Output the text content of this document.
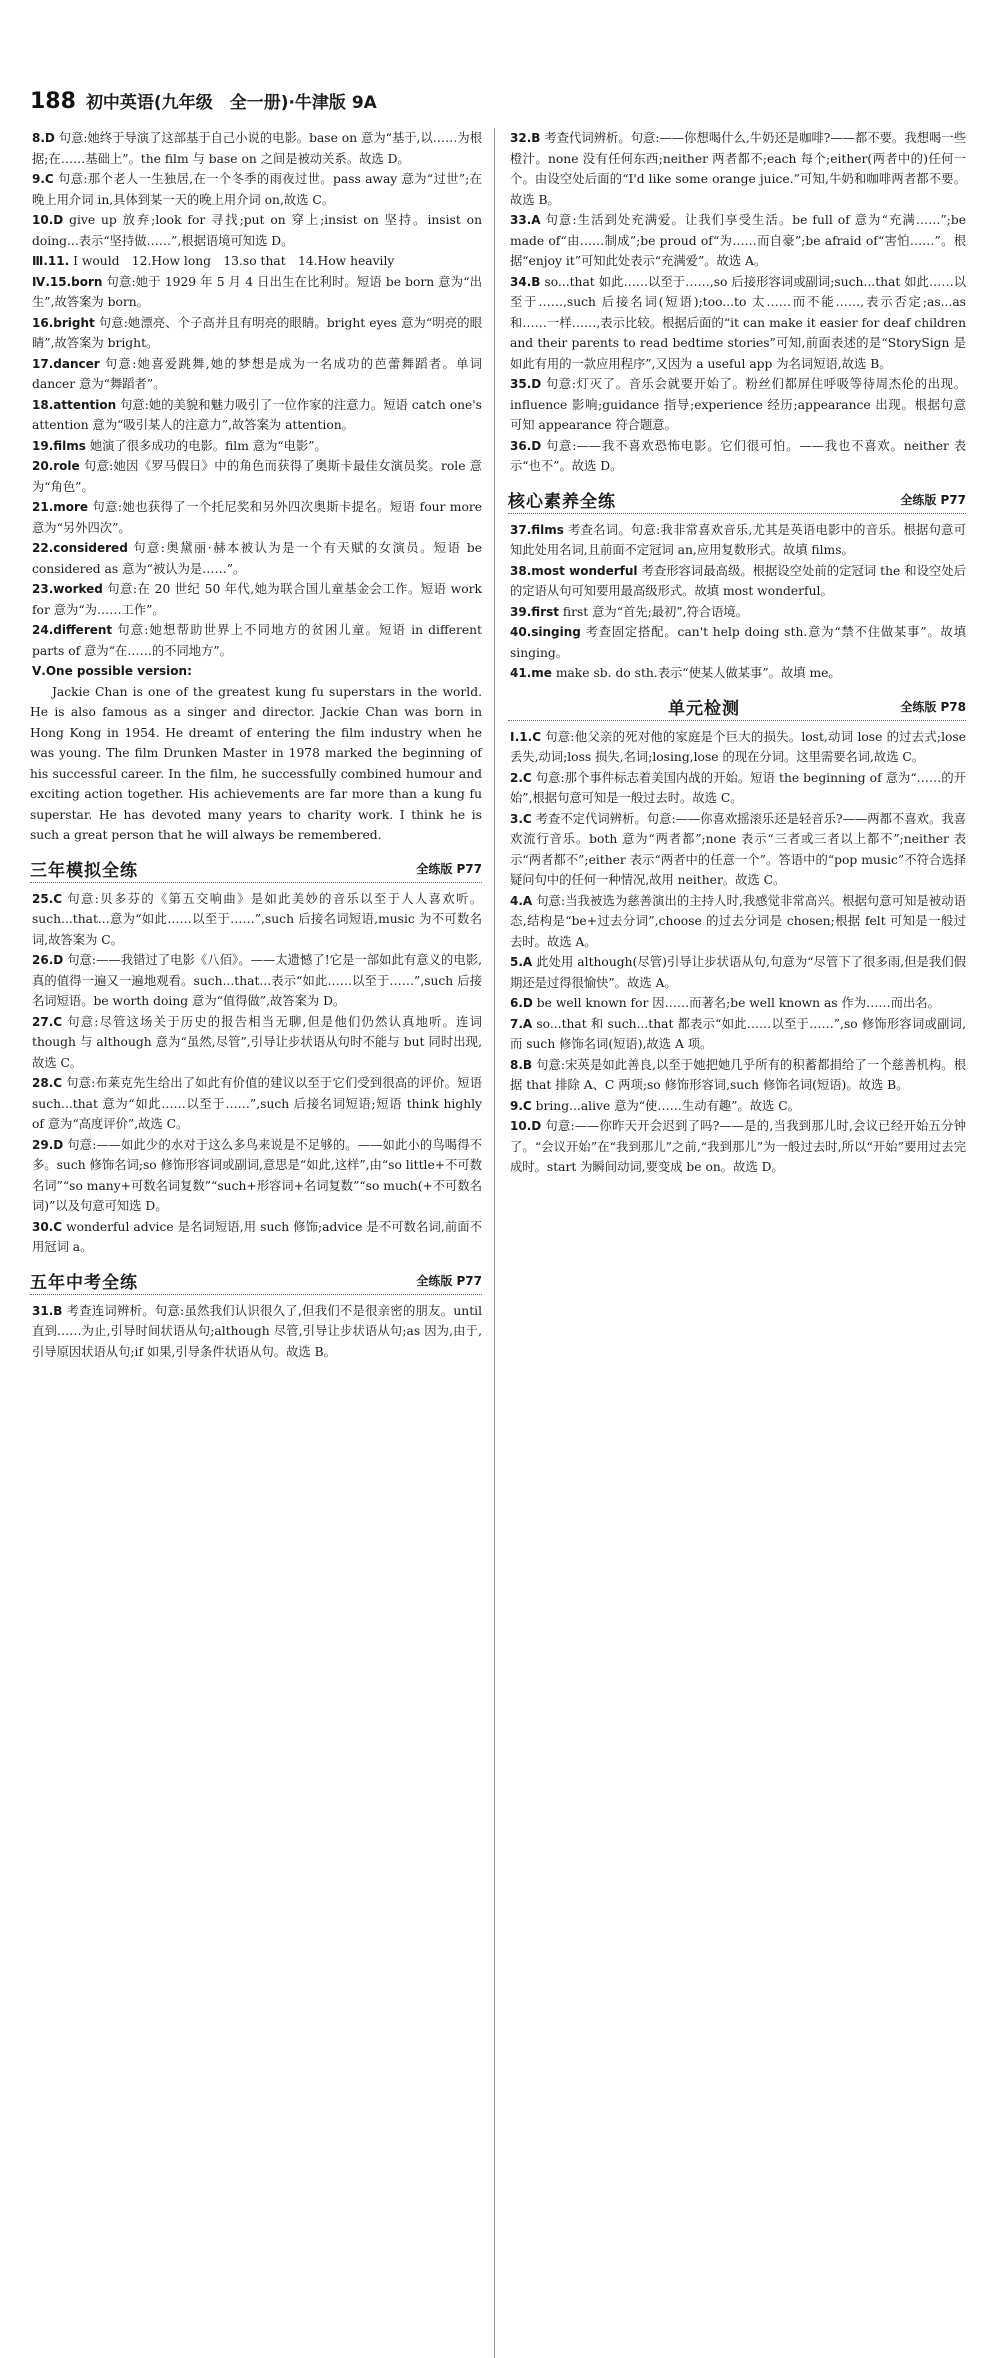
188 初中英语(九年级　全一册)·牛津版 9A

8.D 句意:她终于导演了这部基于自己小说的电影。base on 意为“基于,以……为根据;在……基础上”。the film 与 base on 之间是被动关系。故选 D。

9.C 句意:那个老人一生独居,在一个冬季的雨夜过世。pass away 意为“过世”;在晚上用介词 in,具体到某一天的晚上用介词 on,故选 C。

10.D give up 放弃;look for 寻找;put on 穿上;insist on 坚持。insist on doing...表示“坚持做……”,根据语境可知选 D。

Ⅲ.11. I would　12.How long　13.so that　14.How heavily

Ⅳ.15.born 句意:她于 1929 年 5 月 4 日出生在比利时。短语 be born 意为“出生”,故答案为 born。

16.bright 句意:她漂亮、个子高并且有明亮的眼睛。bright eyes 意为“明亮的眼睛”,故答案为 bright。

17.dancer 句意:她喜爱跳舞,她的梦想是成为一名成功的芭蕾舞蹈者。单词 dancer 意为“舞蹈者”。

18.attention 句意:她的美貌和魅力吸引了一位作家的注意力。短语 catch one's attention 意为“吸引某人的注意力”,故答案为 attention。

19.films 她演了很多成功的电影。film 意为“电影”。

20.role 句意:她因《罗马假日》中的角色而获得了奥斯卡最佳女演员奖。role 意为“角色”。

21.more 句意:她也获得了一个托尼奖和另外四次奥斯卡提名。短语 four more 意为“另外四次”。

22.considered 句意:奥黛丽·赫本被认为是一个有天赋的女演员。短语 be considered as 意为“被认为是……”。

23.worked 句意:在 20 世纪 50 年代,她为联合国儿童基金会工作。短语 work for 意为“为……工作”。

24.different 句意:她想帮助世界上不同地方的贫困儿童。短语 in different parts of 意为“在……的不同地方”。

Ⅴ.One possible version:

Jackie Chan is one of the greatest kung fu superstars in the world. He is also famous as a singer and director. Jackie Chan was born in Hong Kong in 1954. He dreamt of entering the film industry when he was young. The film Drunken Master in 1978 marked the beginning of his successful career. In the film, he successfully combined humour and exciting action together. His achievements are far more than a kung fu superstar. He has devoted many years to charity work. I think he is such a great person that he will always be remembered.

三年模拟全练	全练版 P77

25.C 句意:贝多芬的《第五交响曲》是如此美妙的音乐以至于人人喜欢听。such...that...意为“如此……以至于……”,such 后接名词短语,music 为不可数名词,故答案为 C。

26.D 句意:——我错过了电影《八佰》。——太遗憾了!它是一部如此有意义的电影,真的值得一遍又一遍地观看。such...that...表示“如此……以至于……”,such 后接名词短语。be worth doing 意为“值得做”,故答案为 D。

27.C 句意:尽管这场关于历史的报告相当无聊,但是他们仍然认真地听。连词 though 与 although 意为“虽然,尽管”,引导让步状语从句时不能与 but 同时出现,故选 C。

28.C 句意:布莱克先生给出了如此有价值的建议以至于它们受到很高的评价。短语 such...that 意为“如此……以至于……”,such 后接名词短语;短语 think highly of 意为“高度评价”,故选 C。

29.D 句意:——如此少的水对于这么多鸟来说是不足够的。——如此小的鸟喝得不多。such 修饰名词;so 修饰形容词或副词,意思是“如此,这样”,由“so little+不可数名词”“so many+可数名词复数”“such+形容词+名词复数”“so much(+不可数名词)”以及句意可知选 D。

30.C wonderful advice 是名词短语,用 such 修饰;advice 是不可数名词,前面不用冠词 a。

五年中考全练	全练版 P77

31.B 考查连词辨析。句意:虽然我们认识很久了,但我们不是很亲密的朋友。until 直到……为止,引导时间状语从句;although 尽管,引导让步状语从句;as 因为,由于,引导原因状语从句;if 如果,引导条件状语从句。故选 B。

32.B 考查代词辨析。句意:——你想喝什么,牛奶还是咖啡?——都不要。我想喝一些橙汁。none 没有任何东西;neither 两者都不;each 每个;either(两者中的)任何一个。由设空处后面的“I'd like some orange juice.”可知,牛奶和咖啡两者都不要。故选 B。

33.A 句意:生活到处充满爱。让我们享受生活。be full of 意为“充满……”;be made of“由……制成”;be proud of“为……而自豪”;be afraid of“害怕……”。根据“enjoy it”可知此处表示“充满爱”。故选 A。

34.B so...that 如此……以至于……,so 后接形容词或副词;such...that 如此……以至于……,such 后接名词(短语);too...to 太……而不能……,表示否定;as...as 和……一样……,表示比较。根据后面的“it can make it easier for deaf children and their parents to read bedtime stories”可知,前面表述的是“StorySign 是如此有用的一款应用程序”,又因为 a useful app 为名词短语,故选 B。

35.D 句意:灯灭了。音乐会就要开始了。粉丝们都屏住呼吸等待周杰伦的出现。influence 影响;guidance 指导;experience 经历;appearance 出现。根据句意可知 appearance 符合题意。

36.D 句意:——我不喜欢恐怖电影。它们很可怕。——我也不喜欢。neither 表示“也不”。故选 D。

核心素养全练	全练版 P77

37.films 考查名词。句意:我非常喜欢音乐,尤其是英语电影中的音乐。根据句意可知此处用名词,且前面不定冠词 an,应用复数形式。故填 films。

38.most wonderful 考查形容词最高级。根据设空处前的定冠词 the 和设空处后的定语从句可知要用最高级形式。故填 most wonderful。

39.first first 意为“首先;最初”,符合语境。

40.singing 考查固定搭配。can't help doing sth.意为“禁不住做某事”。故填 singing。

41.me make sb. do sth.表示“使某人做某事”。故填 me。

单元检测	全练版 P78

Ⅰ.1.C 句意:他父亲的死对他的家庭是个巨大的损失。lost,动词 lose 的过去式;lose 丢失,动词;loss 损失,名词;losing,lose 的现在分词。这里需要名词,故选 C。

2.C 句意:那个事件标志着美国内战的开始。短语 the beginning of 意为“……的开始”,根据句意可知是一般过去时。故选 C。

3.C 考查不定代词辨析。句意:——你喜欢摇滚乐还是轻音乐?——两都不喜欢。我喜欢流行音乐。both 意为“两者都”;none 表示“三者或三者以上都不”;neither 表示“两者都不”;either 表示“两者中的任意一个”。答语中的“pop music”不符合选择疑问句中的任何一种情况,故用 neither。故选 C。

4.A 句意:当我被选为慈善演出的主持人时,我感觉非常高兴。根据句意可知是被动语态,结构是“be+过去分词”,choose 的过去分词是 chosen;根据 felt 可知是一般过去时。故选 A。

5.A 此处用 although(尽管)引导让步状语从句,句意为“尽管下了很多雨,但是我们假期还是过得很愉快”。故选 A。

6.D be well known for 因……而著名;be well known as 作为……而出名。

7.A so...that 和 such...that 都表示“如此……以至于……”,so 修饰形容词或副词,而 such 修饰名词(短语),故选 A 项。

8.B 句意:宋英是如此善良,以至于她把她几乎所有的积蓄都捐给了一个慈善机构。根据 that 排除 A、C 两项;so 修饰形容词,such 修饰名词(短语)。故选 B。

9.C bring...alive 意为“使……生动有趣”。故选 C。

10.D 句意:——你昨天开会迟到了吗?——是的,当我到那儿时,会议已经开始五分钟了。“会议开始”在“我到那儿”之前,“我到那儿”为一般过去时,所以“开始”要用过去完成时。start 为瞬间动词,要变成 be on。故选 D。
